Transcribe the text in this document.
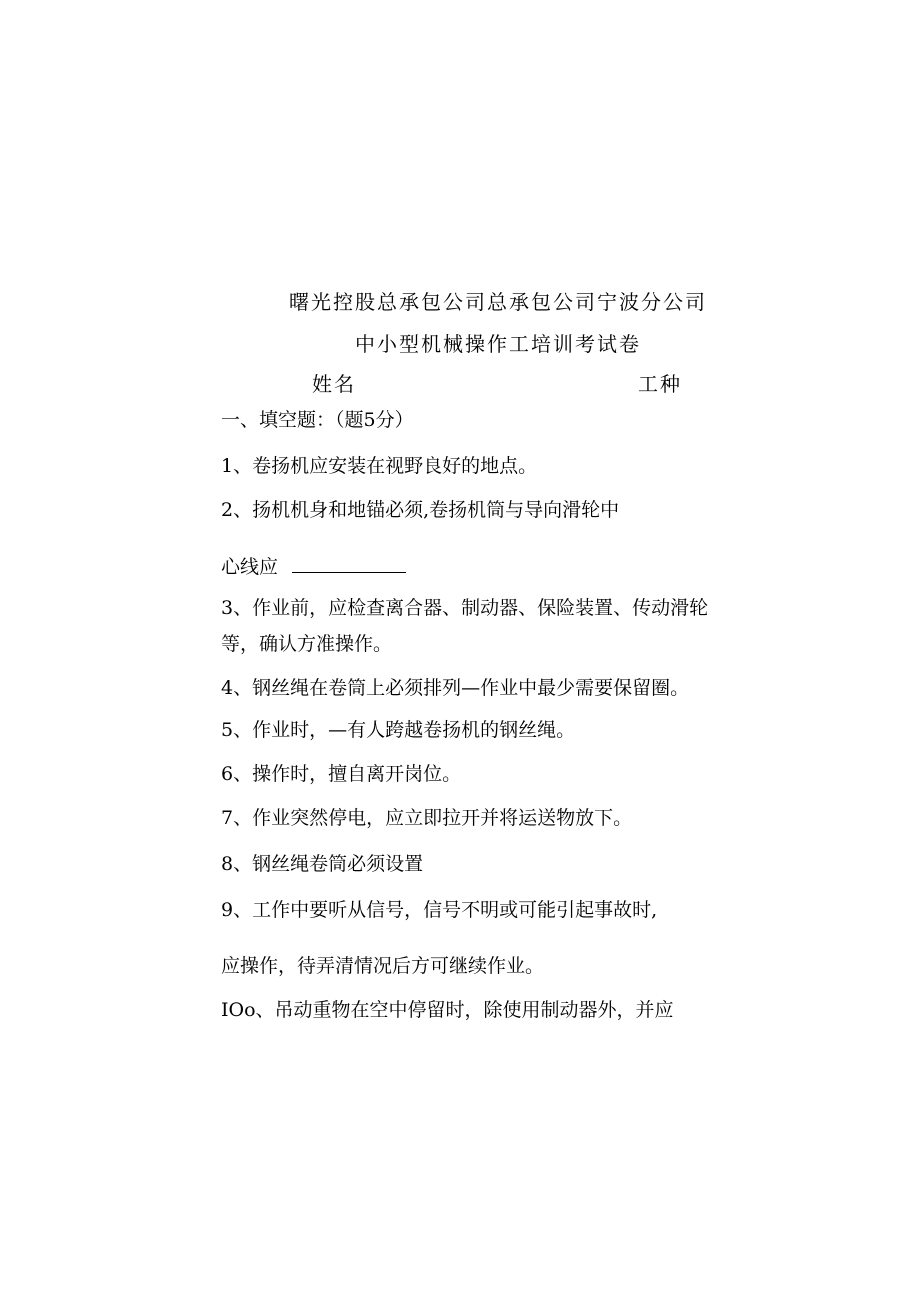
曙光控股总承包公司总承包公司宁波分公司
中小型机械操作工培训考试卷
姓名	工种
一、填空题：（题5分）
1、卷扬机应安装在视野良好的地点。
2、扬机机身和地锚必须,卷扬机筒与导向滑轮中
心线应
3、作业前，应检查离合器、制动器、保险装置、传动滑轮
等，确认方准操作。
4、钢丝绳在卷筒上必须排列—作业中最少需要保留圈。
5、作业时，—有人跨越卷扬机的钢丝绳。
6、操作时，擅自离开岗位。
7、作业突然停电，应立即拉开并将运送物放下。
8、钢丝绳卷筒必须设置
9、工作中要听从信号，信号不明或可能引起事故时,
应操作，待弄清情况后方可继续作业。
IOo、吊动重物在空中停留时，除使用制动器外，并应
